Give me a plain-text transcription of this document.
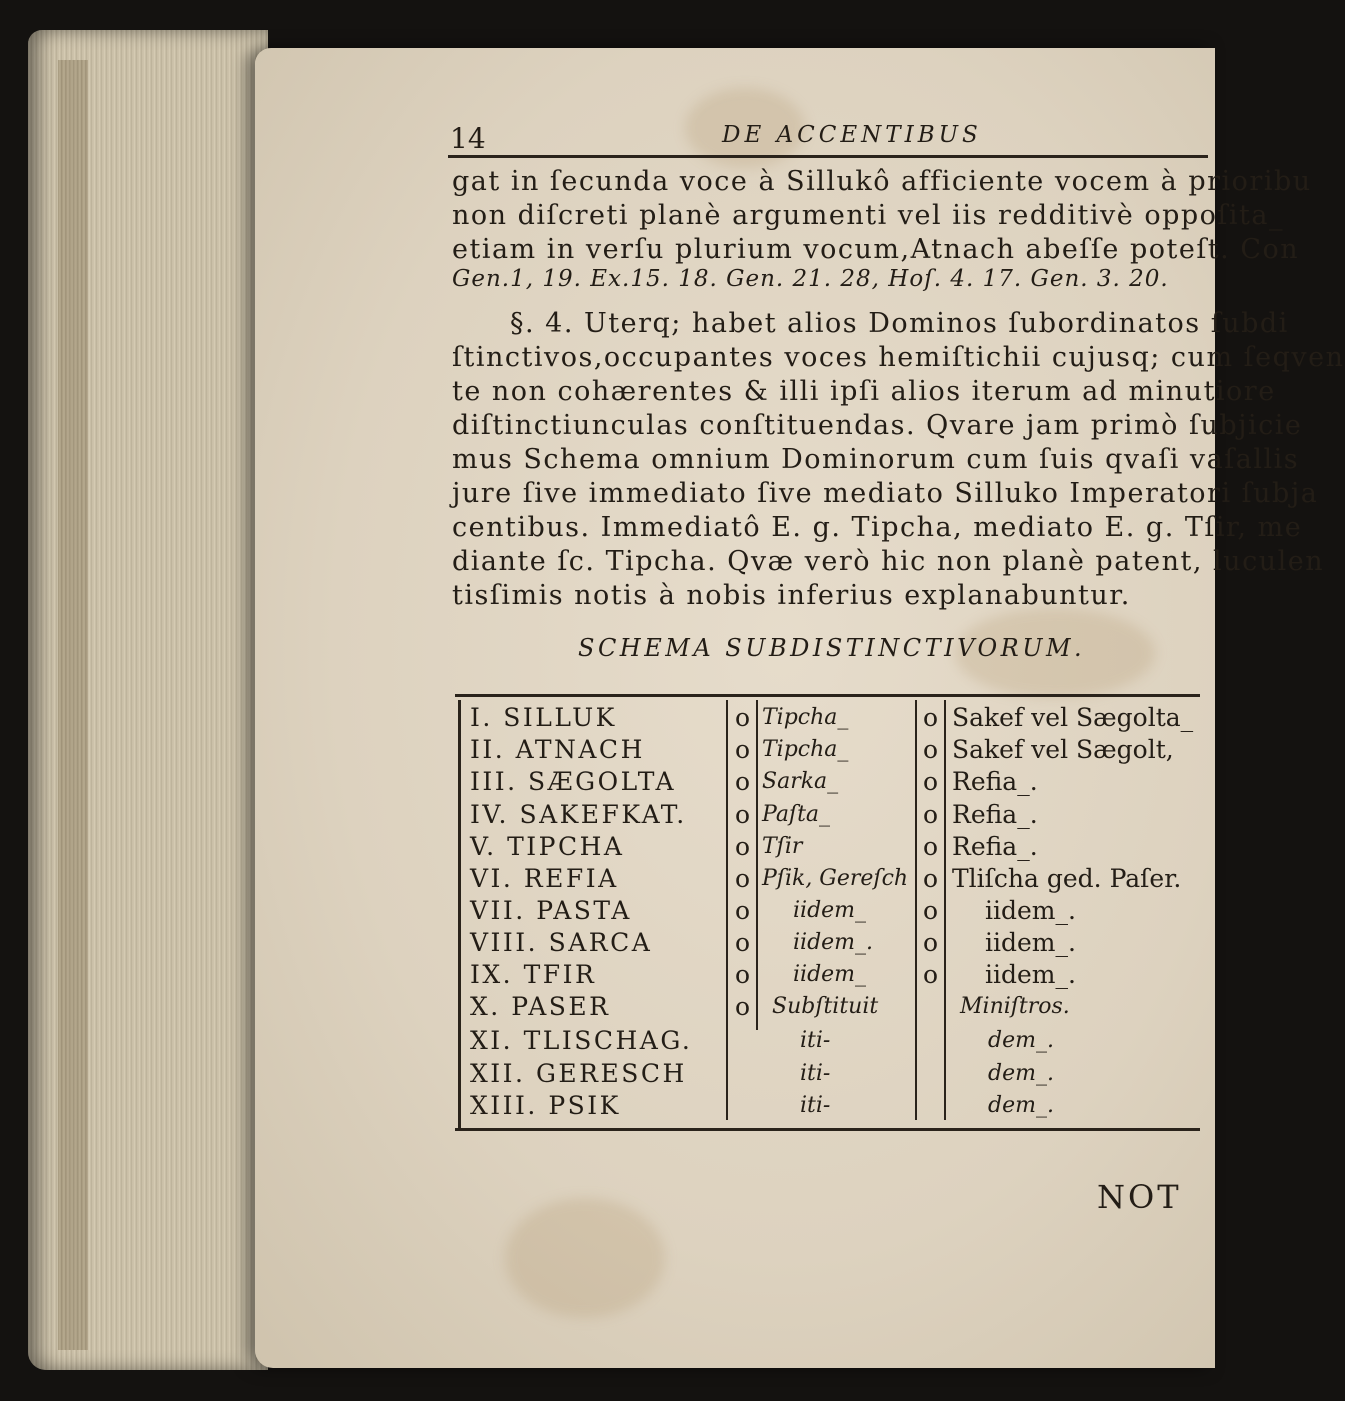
14	DE ACCENTIBUS
gat in ſecunda voce à Sillukô afficiente vocem à prioribu
non diſcreti planè argumenti vel iis redditivè oppoſita_
etiam in verſu plurium vocum,Atnach abeſſe poteſt. Con
Gen.1, 19. Ex.15. 18. Gen. 21. 28, Hoſ. 4. 17. Gen. 3. 20.
§. 4. Uterq; habet alios Dominos ſubordinatos ſubdi
ſtinctivos,occupantes voces hemiſtichii cujusq; cum ſeqven
te non cohærentes & illi ipſi alios iterum ad minutiore
diſtinctiunculas conſtituendas. Qvare jam primò ſubjicie
mus Schema omnium Dominorum cum ſuis qvaſi vaſallis
jure ſive immediato ſive mediato Silluko Imperatori ſubja
centibus. Immediatô E. g. Tipcha, mediato E. g. Tſir, me
diante ſc. Tipcha. Qvæ verò hic non planè patent, luculen
tisſimis notis à nobis inferius explanabuntur.
SCHEMA SUBDISTINCTIVORUM.
I. SILLUK	o Tipcha_	o Sakef vel Sægolta_
II. ATNACH	o Tipcha_	o Sakef vel Sægolt,
III. SÆGOLTA o Sarka_	o Refia_.
IV. SAKEFKAT. o Paſta_	o Refia_.
V. TIPCHA	o Tſir	o Refia_.
VI. REFIA	o Pſik, Gereſch o Tliſcha ged. Paſer.
VII. PASTA	o iidem_ o iidem_.
VIII. SARCA	o iidem_. o iidem_.
IX. TFIR	o iidem_ o iidem_.
X. PASER	o Subſtituit	Miniſtros.
XI. TLISCHAG.	iti-	dem_.
XII. GERESCH	iti-	dem_.
XIII. PSIK	iti-	dem_.
NOT
